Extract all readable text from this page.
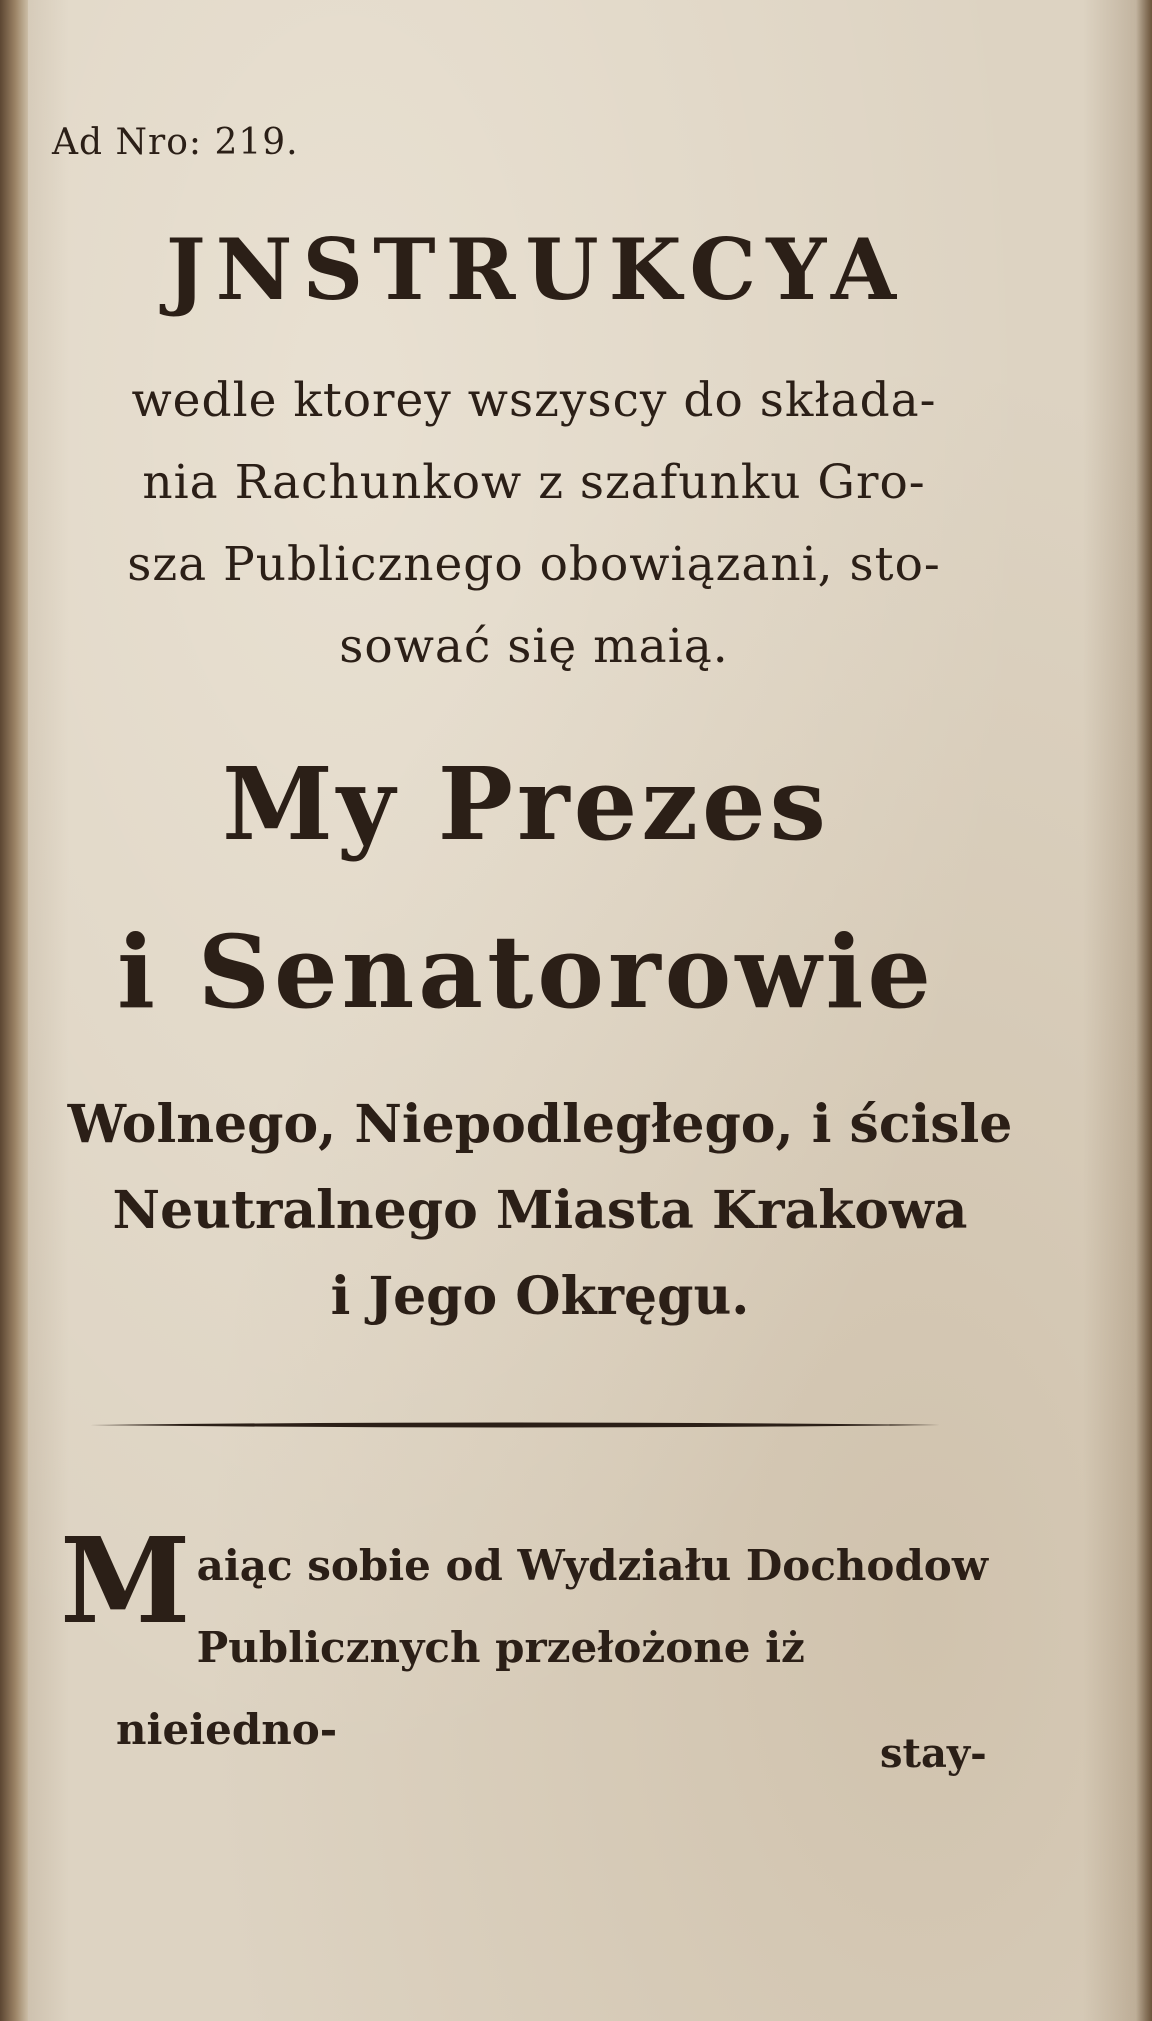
Ad Nro: 219.
JNSTRUKCYA
wedle ktorey wszyscy do składa-
nia Rachunkow z szafunku Gro-
sza Publicznego obowiązani, sto-
sować się maią.
My Prezes
i Senatorowie
Wolnego, Niepodległego, i ścisle
Neutralnego Miasta Krakowa
i Jego Okręgu.
M aiąc sobie od Wydziału Dochodow
Publicznych przełożone iż nieiedno-	stay-
